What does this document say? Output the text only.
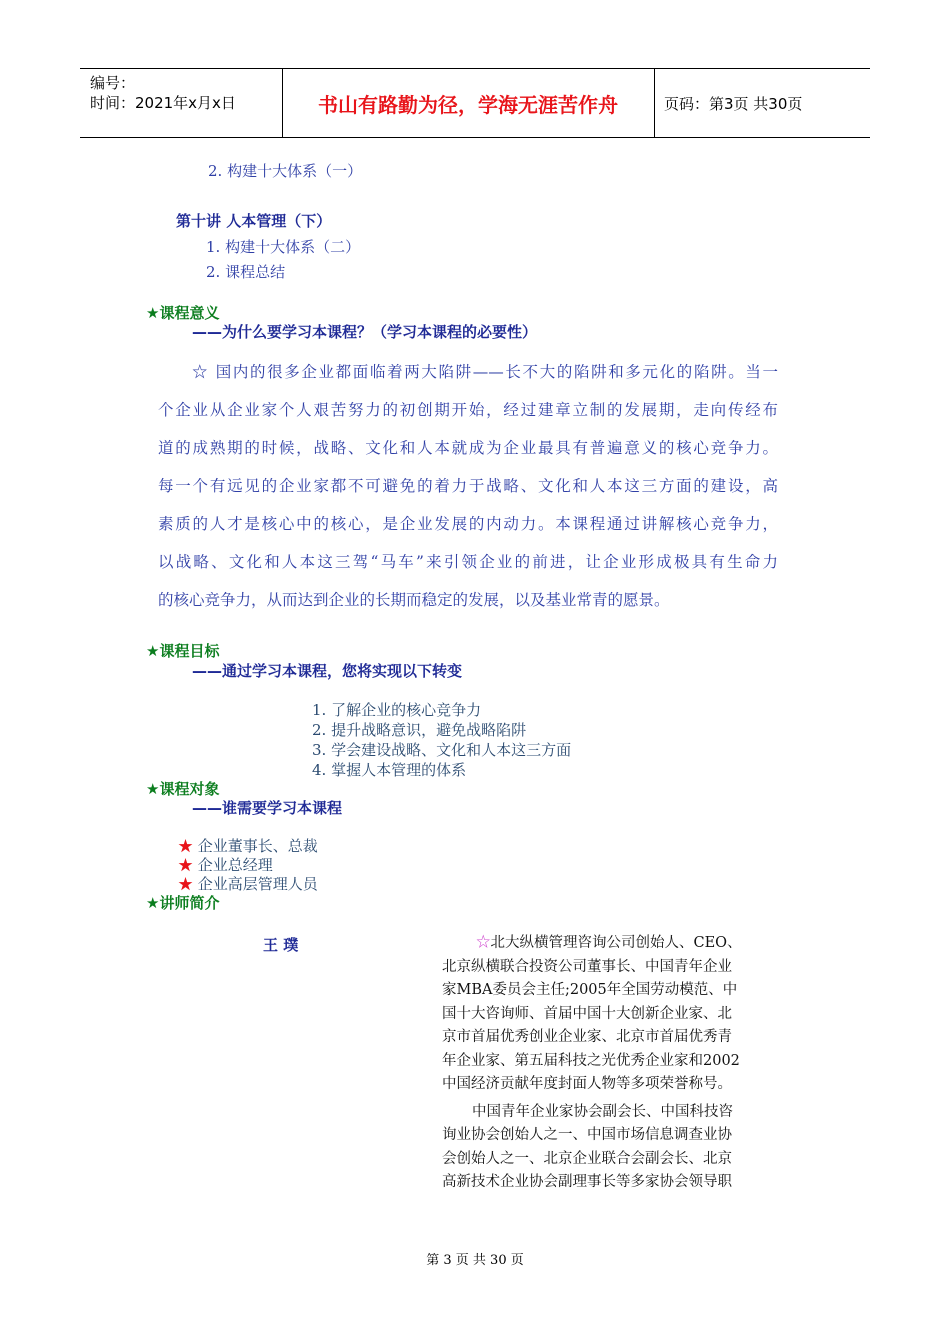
编号：
时间：2021年x月x日	书山有路勤为径，学海无涯苦作舟	页码：第3页 共30页
2. 构建十大体系（一）
第十讲 人本管理（下）
1. 构建十大体系（二）
2. 课程总结
★课程意义
——为什么要学习本课程？（学习本课程的必要性）
☆ 国内的很多企业都面临着两大陷阱——长不大的陷阱和多元化的陷阱。当一
个企业从企业家个人艰苦努力的初创期开始，经过建章立制的发展期，走向传经布
道的成熟期的时候，战略、文化和人本就成为企业最具有普遍意义的核心竞争力。
每一个有远见的企业家都不可避免的着力于战略、文化和人本这三方面的建设，高
素质的人才是核心中的核心，是企业发展的内动力。本课程通过讲解核心竞争力，
以战略、文化和人本这三驾“马车”来引领企业的前进，让企业形成极具有生命力
的核心竞争力，从而达到企业的长期而稳定的发展，以及基业常青的愿景。
★课程目标
——通过学习本课程，您将实现以下转变
1. 了解企业的核心竞争力
2. 提升战略意识，避免战略陷阱
3. 学会建设战略、文化和人本这三方面
4. 掌握人本管理的体系
★课程对象
——谁需要学习本课程
★ 企业董事长、总裁
★ 企业总经理
★ 企业高层管理人员
★讲师简介
王 璞	☆北大纵横管理咨询公司创始人、CEO、
北京纵横联合投资公司董事长、中国青年企业
家MBA委员会主任;2005年全国劳动模范、中
国十大咨询师、首届中国十大创新企业家、北
京市首届优秀创业企业家、北京市首届优秀青
年企业家、第五届科技之光优秀企业家和2002
中国经济贡献年度封面人物等多项荣誉称号。
中国青年企业家协会副会长、中国科技咨
询业协会创始人之一、中国市场信息调查业协
会创始人之一、北京企业联合会副会长、北京
高新技术企业协会副理事长等多家协会领导职
第 3 页 共 30 页
